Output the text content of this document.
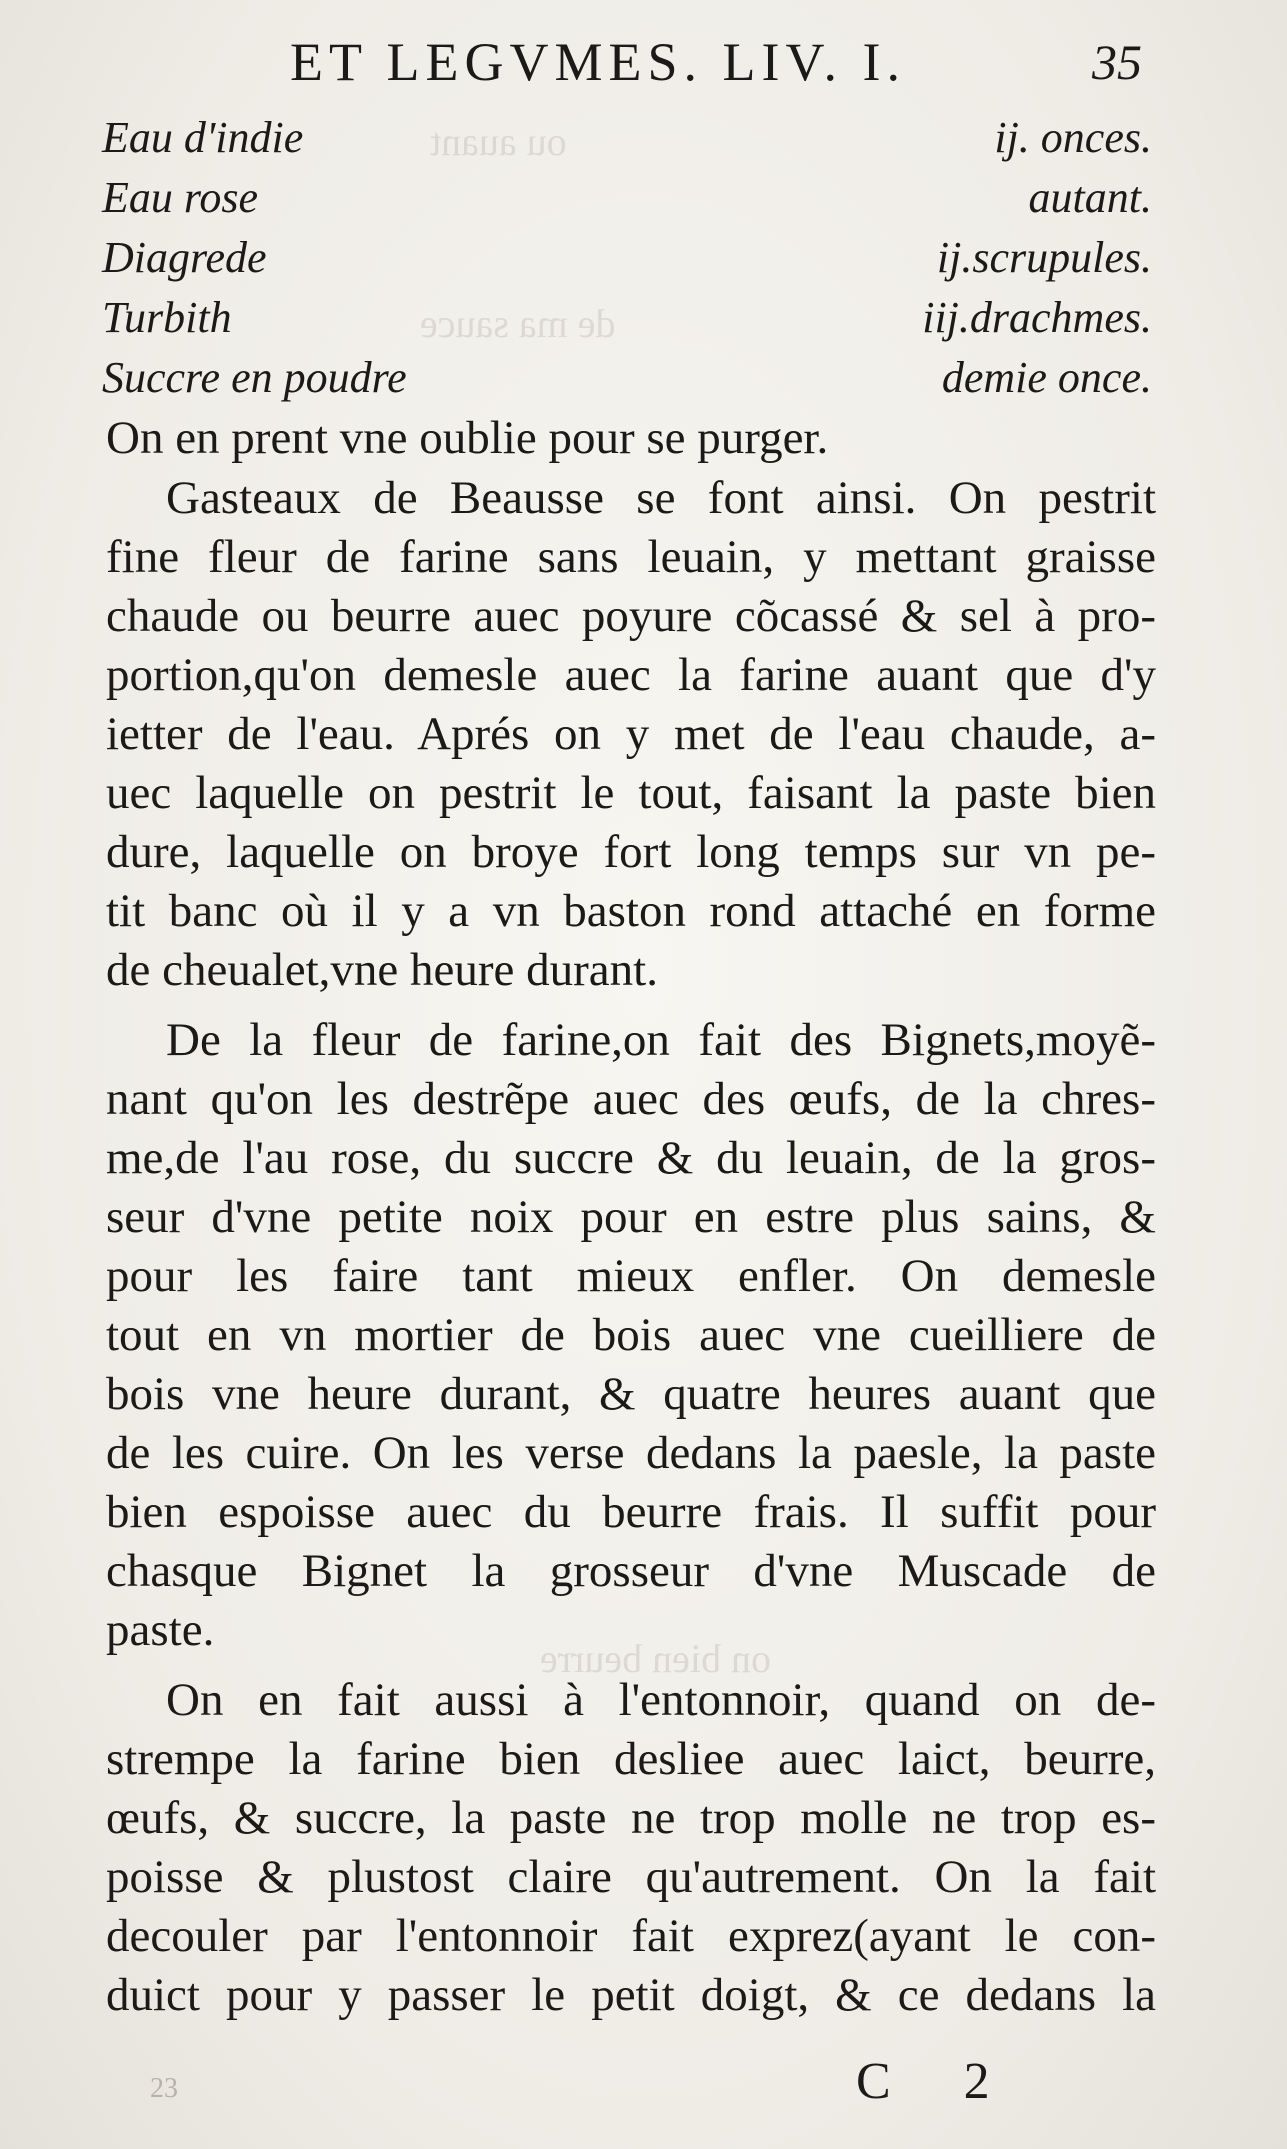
ou auant
de ma sauce
on bien beurre
ET LEGVMES. LIV. I.	35
Eau d'indie	ij. onces.
Eau rose	autant.
Diagrede	ij.scrupules.
Turbith	iij.drachmes.
Succre en poudre	demie once.
On en prent vne oublie pour se purger.
Gasteaux de Beausse se font ainsi. On pestrit
fine fleur de farine sans leuain, y mettant graisse
chaude ou beurre auec poyure cõcassé & sel à pro-
portion,qu'on demesle auec la farine auant que d'y
ietter de l'eau. Aprés on y met de l'eau chaude, a-
uec laquelle on pestrit le tout, faisant la paste bien
dure, laquelle on broye fort long temps sur vn pe-
tit banc où il y a vn baston rond attaché en forme
de cheualet,vne heure durant.
De la fleur de farine,on fait des Bignets,moyẽ-
nant qu'on les destrẽpe auec des œufs, de la chres-
me,de l'au rose, du succre & du leuain, de la gros-
seur d'vne petite noix pour en estre plus sains, &
pour les faire tant mieux enfler. On demesle
tout en vn mortier de bois auec vne cueilliere de
bois vne heure durant, & quatre heures auant que
de les cuire. On les verse dedans la paesle, la paste
bien espoisse auec du beurre frais. Il suffit pour
chasque Bignet la grosseur d'vne Muscade de
paste.
On en fait aussi à l'entonnoir, quand on de-
strempe la farine bien desliee auec laict, beurre,
œufs, & succre, la paste ne trop molle ne trop es-
poisse & plustost claire qu'autrement. On la fait
decouler par l'entonnoir fait exprez(ayant le con-
duict pour y passer le petit doigt, & ce dedans la
23	C 2
